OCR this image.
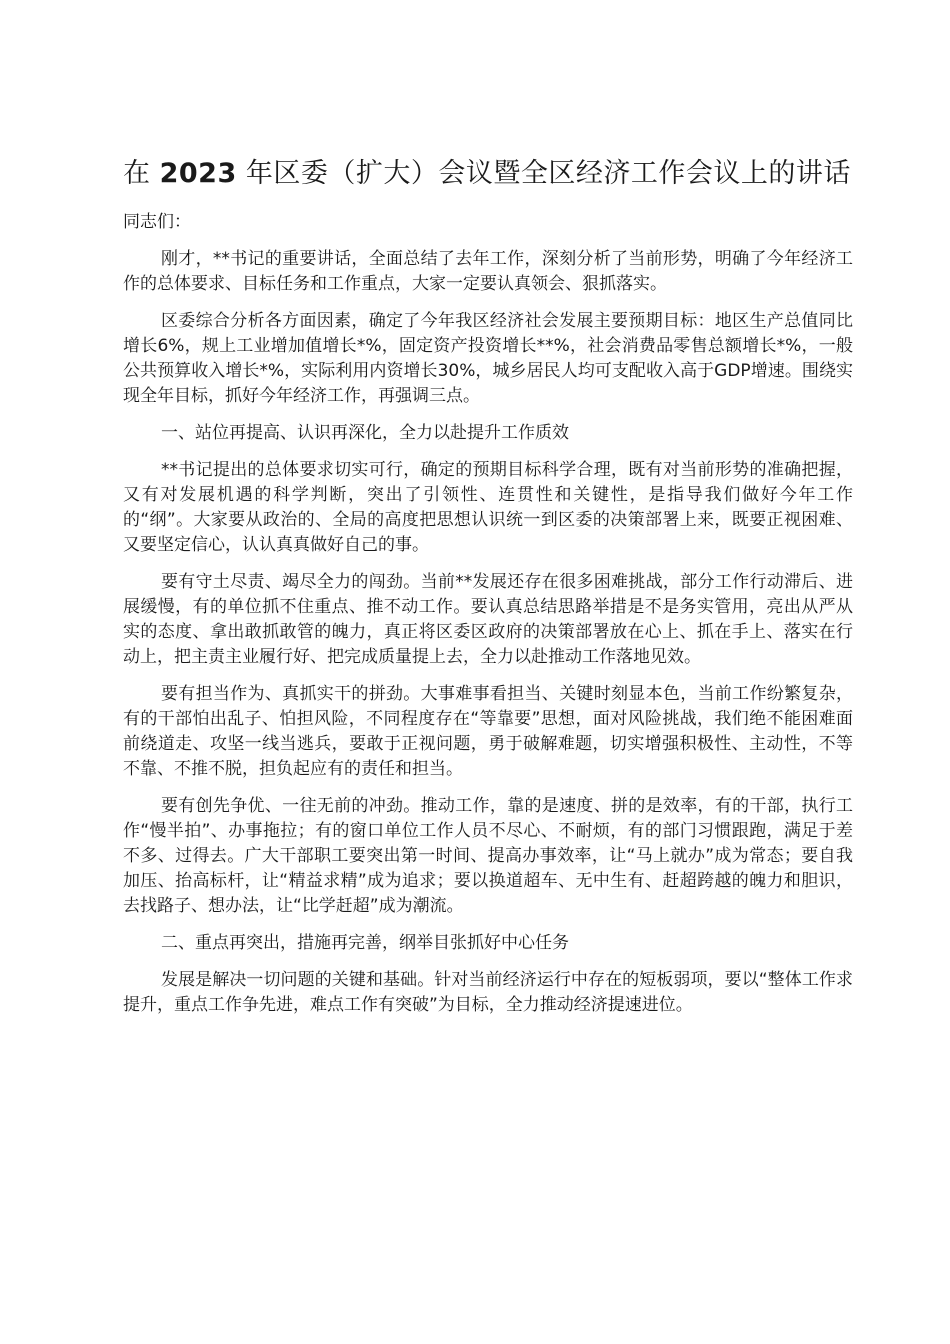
在 2023 年区委（扩大）会议暨全区经济工作会议上的讲话

同志们：

刚才，**书记的重要讲话，全面总结了去年工作，深刻分析了当前形势，明确了今年经济工作的总体要求、目标任务和工作重点，大家一定要认真领会、狠抓落实。

区委综合分析各方面因素，确定了今年我区经济社会发展主要预期目标：地区生产总值同比增长6%，规上工业增加值增长*%，固定资产投资增长**%，社会消费品零售总额增长*%，一般公共预算收入增长*%，实际利用内资增长30%，城乡居民人均可支配收入高于GDP增速。围绕实现全年目标，抓好今年经济工作，再强调三点。

一、站位再提高、认识再深化，全力以赴提升工作质效

**书记提出的总体要求切实可行，确定的预期目标科学合理，既有对当前形势的准确把握，又有对发展机遇的科学判断，突出了引领性、连贯性和关键性，是指导我们做好今年工作的“纲”。大家要从政治的、全局的高度把思想认识统一到区委的决策部署上来，既要正视困难、又要坚定信心，认认真真做好自己的事。

要有守土尽责、竭尽全力的闯劲。当前**发展还存在很多困难挑战，部分工作行动滞后、进展缓慢，有的单位抓不住重点、推不动工作。要认真总结思路举措是不是务实管用，亮出从严从实的态度、拿出敢抓敢管的魄力，真正将区委区政府的决策部署放在心上、抓在手上、落实在行动上，把主责主业履行好、把完成质量提上去，全力以赴推动工作落地见效。

要有担当作为、真抓实干的拼劲。大事难事看担当、关键时刻显本色，当前工作纷繁复杂，有的干部怕出乱子、怕担风险，不同程度存在“等靠要”思想，面对风险挑战，我们绝不能困难面前绕道走、攻坚一线当逃兵，要敢于正视问题，勇于破解难题，切实增强积极性、主动性，不等不靠、不推不脱，担负起应有的责任和担当。

要有创先争优、一往无前的冲劲。推动工作，靠的是速度、拼的是效率，有的干部，执行工作“慢半拍”、办事拖拉；有的窗口单位工作人员不尽心、不耐烦，有的部门习惯跟跑，满足于差不多、过得去。广大干部职工要突出第一时间、提高办事效率，让“马上就办”成为常态；要自我加压、抬高标杆，让“精益求精”成为追求；要以换道超车、无中生有、赶超跨越的魄力和胆识，去找路子、想办法，让“比学赶超”成为潮流。

二、重点再突出，措施再完善，纲举目张抓好中心任务

发展是解决一切问题的关键和基础。针对当前经济运行中存在的短板弱项，要以“整体工作求提升，重点工作争先进，难点工作有突破”为目标，全力推动经济提速进位。
